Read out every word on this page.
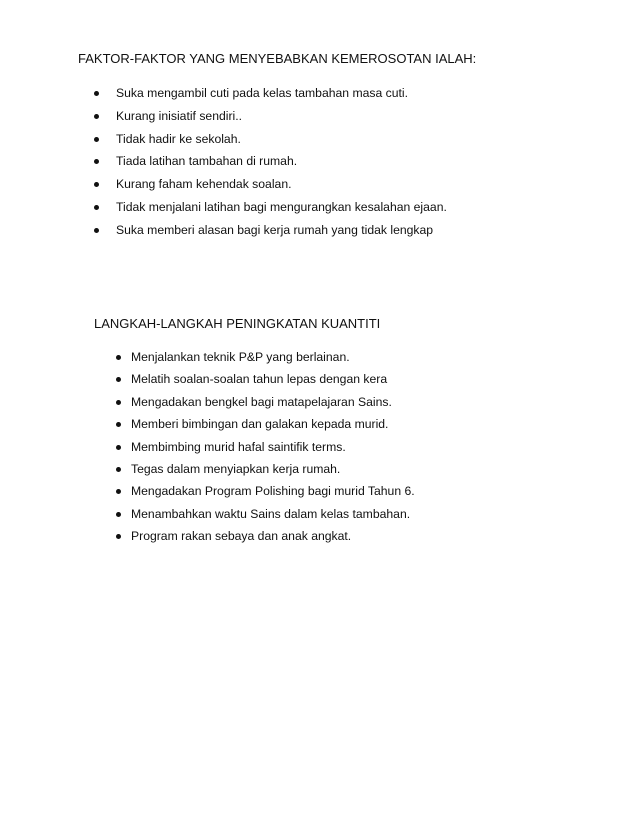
FAKTOR-FAKTOR YANG MENYEBABKAN KEMEROSOTAN IALAH:
Suka mengambil cuti pada kelas tambahan masa cuti.
Kurang inisiatif sendiri..
Tidak hadir ke sekolah.
Tiada latihan tambahan di rumah.
Kurang faham kehendak soalan.
Tidak menjalani latihan bagi mengurangkan kesalahan ejaan.
Suka memberi alasan bagi kerja rumah yang tidak lengkap
LANGKAH-LANGKAH PENINGKATAN KUANTITI
Menjalankan teknik P&P yang berlainan.
Melatih soalan-soalan tahun lepas dengan kera
Mengadakan bengkel bagi matapelajaran Sains.
Memberi bimbingan dan galakan kepada murid.
Membimbing murid hafal saintifik terms.
Tegas dalam menyiapkan kerja rumah.
Mengadakan Program Polishing bagi murid Tahun 6.
Menambahkan waktu Sains dalam kelas tambahan.
Program rakan sebaya dan anak angkat.
